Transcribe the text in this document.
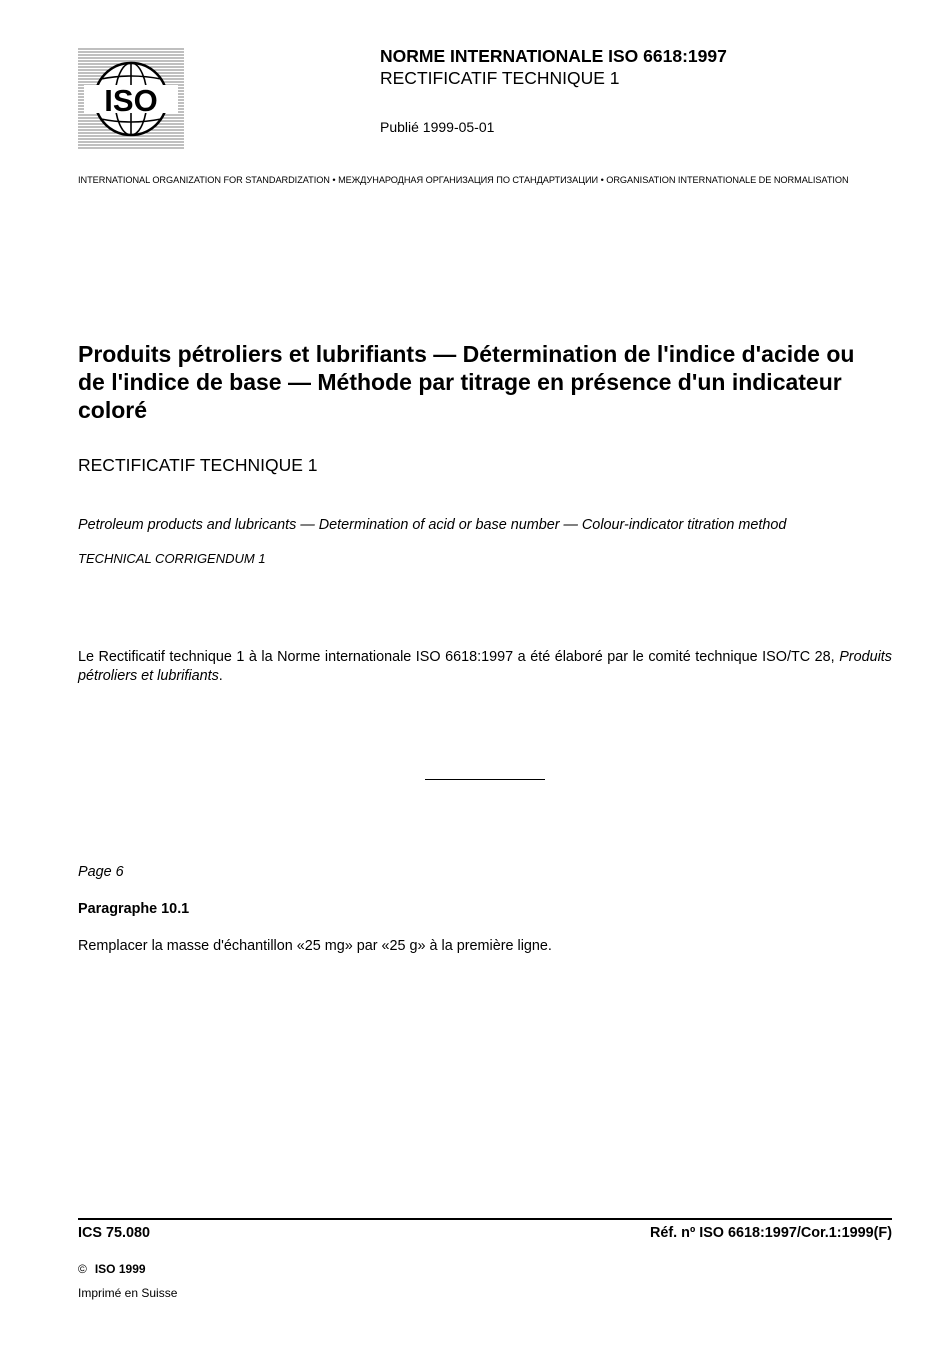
ISO
NORME INTERNATIONALE ISO 6618:1997
RECTIFICATIF TECHNIQUE 1
Publié 1999-05-01
INTERNATIONAL ORGANIZATION FOR STANDARDIZATION • МЕЖДУНАРОДНАЯ ОРГАНИЗАЦИЯ ПО СТАНДАРТИЗАЦИИ • ORGANISATION INTERNATIONALE DE NORMALISATION
Produits pétroliers et lubrifiants — Détermination de l'indice d'acide ou de l'indice de base — Méthode par titrage en présence d'un indicateur coloré
RECTIFICATIF TECHNIQUE 1
Petroleum products and lubricants — Determination of acid or base number — Colour-indicator titration method
TECHNICAL CORRIGENDUM 1
Le Rectificatif technique 1 à la Norme internationale ISO 6618:1997 a été élaboré par le comité technique ISO/TC 28, Produits pétroliers et lubrifiants.
Page 6
Paragraphe 10.1
Remplacer la masse d'échantillon «25 mg» par «25 g» à la première ligne.
ICS 75.080	Réf. nº ISO 6618:1997/Cor.1:1999(F)
© ISO 1999
Imprimé en Suisse
